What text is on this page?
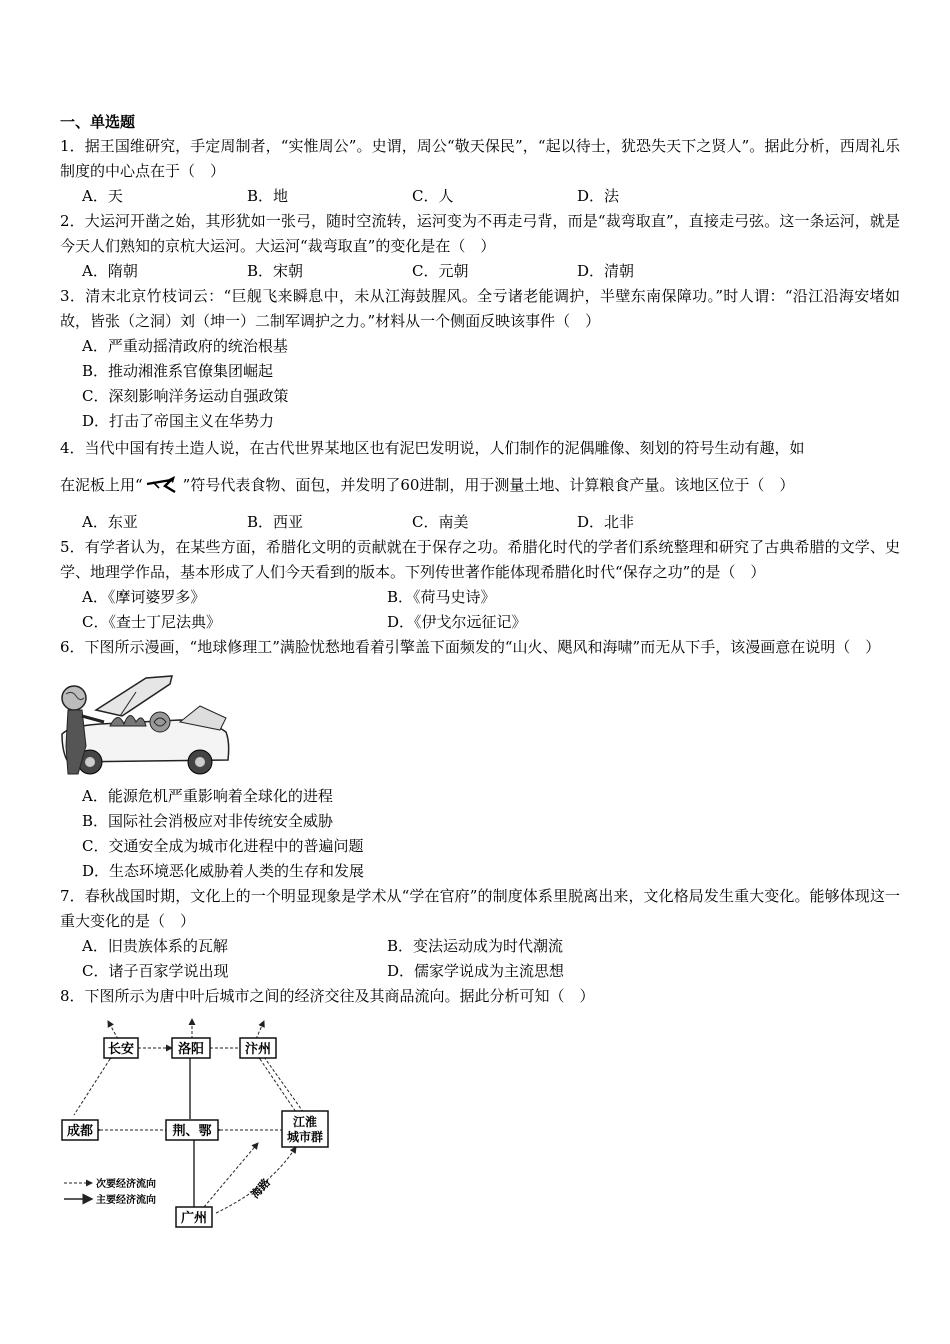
一、单选题

1．据王国维研究，手定周制者，“实惟周公”。史谓，周公“敬天保民”，“起以待士，犹恐失天下之贤人”。据此分析，西周礼乐制度的中心点在于（　）

A．天	B．地	C．人	D．法

2．大运河开凿之始，其形犹如一张弓，随时空流转，运河变为不再走弓背，而是“裁弯取直”，直接走弓弦。这一条运河，就是今天人们熟知的京杭大运河。大运河“裁弯取直”的变化是在（　）

A．隋朝	B．宋朝	C．元朝	D．清朝

3．清末北京竹枝词云：“巨舰飞来瞬息中，未从江海鼓腥风。全亏诸老能调护，半壁东南保障功。”时人谓：“沿江沿海安堵如故，皆张（之洞）刘（坤一）二制军调护之力。”材料从一个侧面反映该事件（　）

A．严重动摇清政府的统治根基
B．推动湘淮系官僚集团崛起
C．深刻影响洋务运动自强政策
D．打击了帝国主义在华势力

4．当代中国有抟土造人说，在古代世界某地区也有泥巴发明说，人们制作的泥偶雕像、刻划的符号生动有趣，如

在泥板上用“	”符号代表食物、面包，并发明了60进制，用于测量土地、计算粮食产量。该地区位于（　）
A．东亚	B．西亚	C．南美	D．北非

5．有学者认为，在某些方面，希腊化文明的贡献就在于保存之功。希腊化时代的学者们系统整理和研究了古典希腊的文学、史学、地理学作品，基本形成了人们今天看到的版本。下列传世著作能体现希腊化时代“保存之功”的是（　）

A．《摩诃婆罗多》	B．《荷马史诗》
C．《查士丁尼法典》	D．《伊戈尔远征记》

6．下图所示漫画，“地球修理工”满脸忧愁地看着引擎盖下面频发的“山火、飓风和海啸”而无从下手，该漫画意在说明（　）

A．能源危机严重影响着全球化的进程
B．国际社会消极应对非传统安全威胁
C．交通安全成为城市化进程中的普遍问题
D．生态环境恶化威胁着人类的生存和发展

7．春秋战国时期，文化上的一个明显现象是学术从“学在官府”的制度体系里脱离出来，文化格局发生重大变化。能够体现这一重大变化的是（　）

A．旧贵族体系的瓦解	B．变法运动成为时代潮流
C．诸子百家学说出现	D．儒家学说成为主流思想

8．下图所示为唐中叶后城市之间的经济交往及其商品流向。据此分析可知（　）

长安	洛阳	汴州
成都	荆、鄂
江淮
城市群
广州
海路
次要经济流向
主要经济流向
